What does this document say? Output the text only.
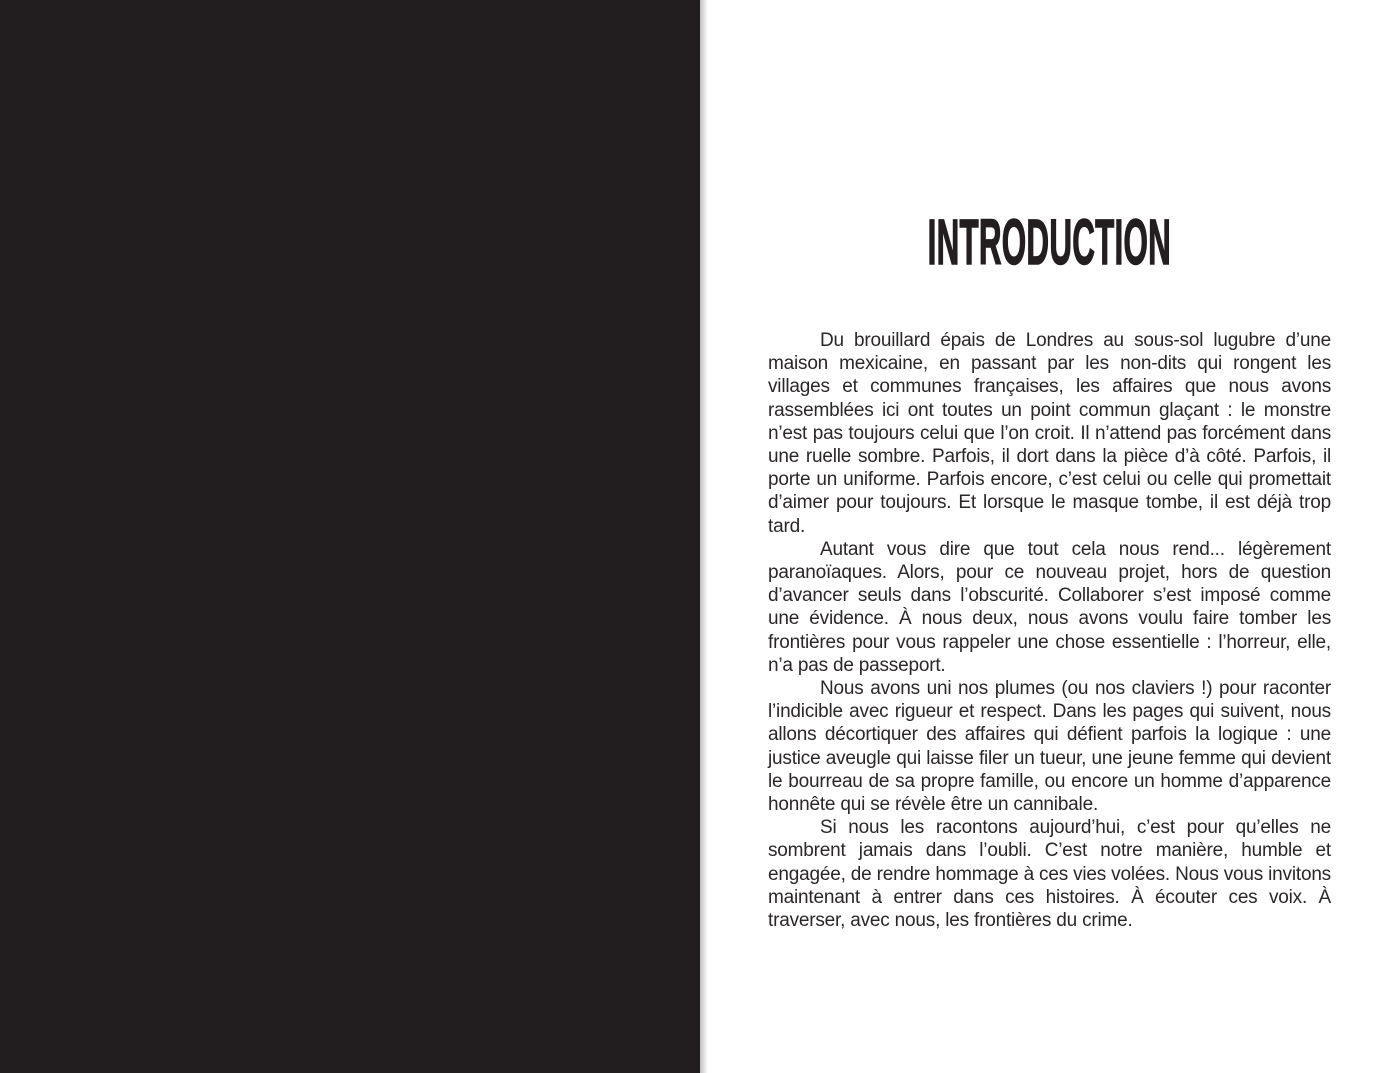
INTRODUCTION

Du brouillard épais de Londres au sous-sol lugubre d’une maison mexicaine, en passant par les non-dits qui rongent les villages et communes françaises, les affaires que nous avons rassemblées ici ont toutes un point commun glaçant : le monstre n’est pas toujours celui que l’on croit. Il n’attend pas forcément dans une ruelle sombre. Parfois, il dort dans la pièce d’à côté. Parfois, il porte un uniforme. Parfois encore, c’est celui ou celle qui promettait d’aimer pour toujours. Et lorsque le masque tombe, il est déjà trop tard.

Autant vous dire que tout cela nous rend... légèrement paranoïaques. Alors, pour ce nouveau projet, hors de question d’avancer seuls dans l’obscurité. Collaborer s’est imposé comme une évidence. À nous deux, nous avons voulu faire tomber les frontières pour vous rappeler une chose essentielle : l’horreur, elle, n’a pas de passeport.

Nous avons uni nos plumes (ou nos claviers !) pour raconter l’indicible avec rigueur et respect. Dans les pages qui suivent, nous allons décortiquer des affaires qui défient parfois la logique : une justice aveugle qui laisse filer un tueur, une jeune femme qui devient le bourreau de sa propre famille, ou encore un homme d’apparence honnête qui se révèle être un cannibale.

Si nous les racontons aujourd’hui, c’est pour qu’elles ne sombrent jamais dans l’oubli. C’est notre manière, humble et engagée, de rendre hommage à ces vies volées. Nous vous invitons maintenant à entrer dans ces histoires. À écouter ces voix. À traverser, avec nous, les frontières du crime.
